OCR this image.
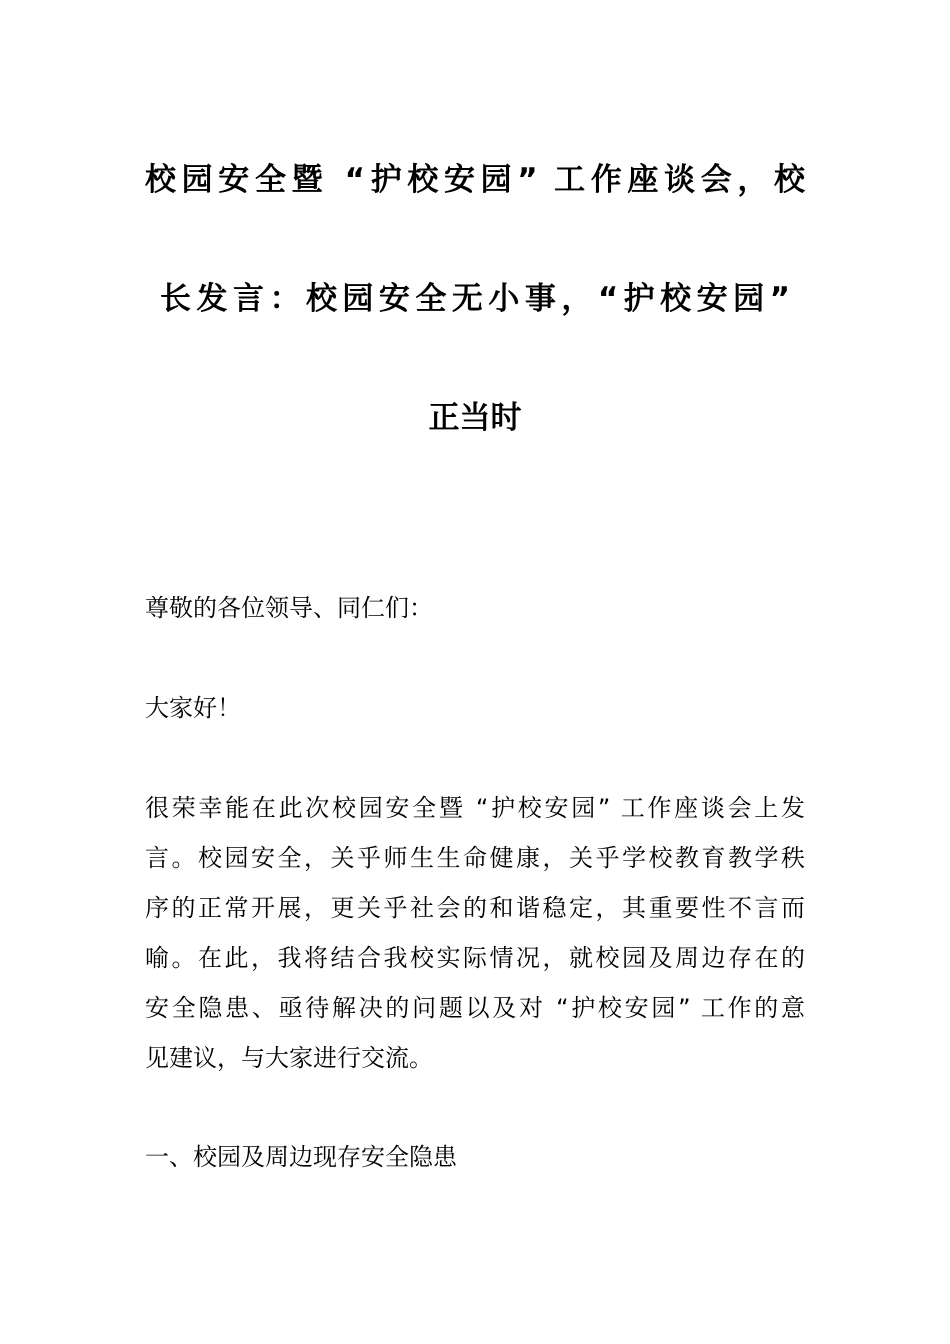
校园安全暨 “护校安园” 工作座谈会，校
长发言：校园安全无小事，“护校安园”
正当时
尊敬的各位领导、同仁们：
大家好！
很荣幸能在此次校园安全暨 “护校安园” 工作座谈会上发
言。校园安全，关乎师生生命健康，关乎学校教育教学秩
序的正常开展，更关乎社会的和谐稳定，其重要性不言而
喻。在此，我将结合我校实际情况，就校园及周边存在的
安全隐患、亟待解决的问题以及对 “护校安园” 工作的意
见建议，与大家进行交流。
一、校园及周边现存安全隐患
